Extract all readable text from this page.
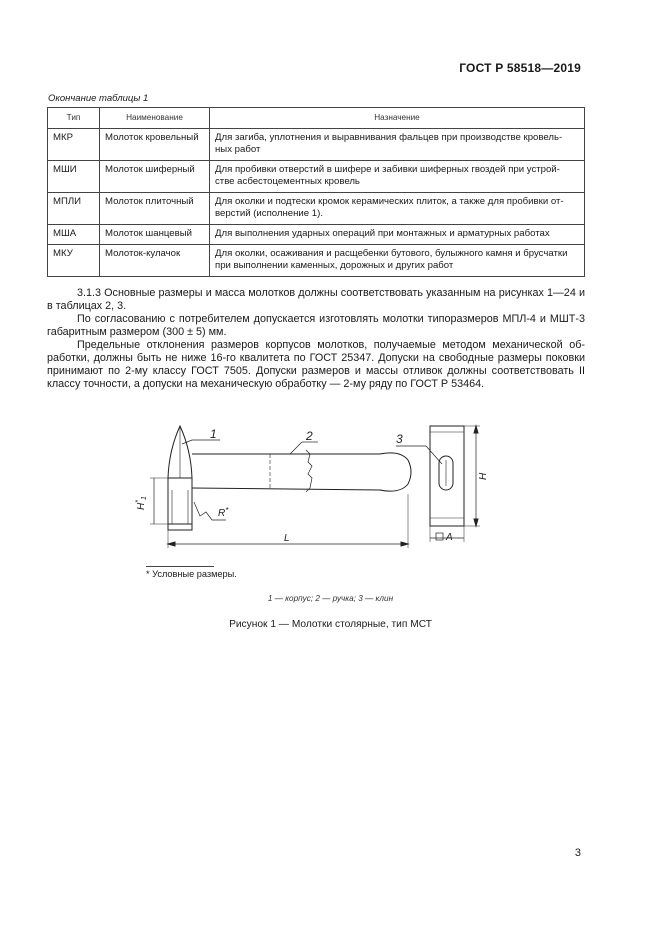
ГОСТ Р 58518—2019
Окончание таблицы 1
Тип	Наименование	Назначение
МКР	Молоток кровельный	Для загиба, уплотнения и выравнивания фальцев при производстве кровель-ных работ
МШИ	Молоток шиферный	Для пробивки отверстий в шифере и забивки шиферных гвоздей при устрой-стве асбестоцементных кровель
МПЛИ	Молоток плиточный	Для околки и подтески кромок керамических плиток, а также для пробивки от-верстий (исполнение 1).
МША	Молоток шанцевый	Для выполнения ударных операций при монтажных и арматурных работах
МКУ	Молоток-кулачок	Для околки, осаживания и расщебенки бутового, булыжного камня и брусчатки при выполнении каменных, дорожных и других работ

3.1.3 Основные размеры и масса молотков должны соответствовать указанным на рисунках 1—24 и в таблицах 2, 3.

По согласованию с потребителем допускается изготовлять молотки типоразмеров МПЛ-4 и МШТ-3 габаритным размером (300 ± 5) мм.

Предельные отклонения размеров корпусов молотков, получаемые методом механической об-работки, должны быть не ниже 16-го квалитета по ГОСТ 25347. Допуски на свободные размеры поковки принимают по 2-му классу ГОСТ 7505. Допуски размеров и массы отливок должны соответствовать II классу точности, а допуски на механическую обработку — 2-му ряду по ГОСТ Р 53464.

1	2	3
$H^*_1$
R*
L
H
A
* Условные размеры.
1 — корпус; 2 — ручка; 3 — клин
Рисунок 1 — Молотки столярные, тип МСТ
3
